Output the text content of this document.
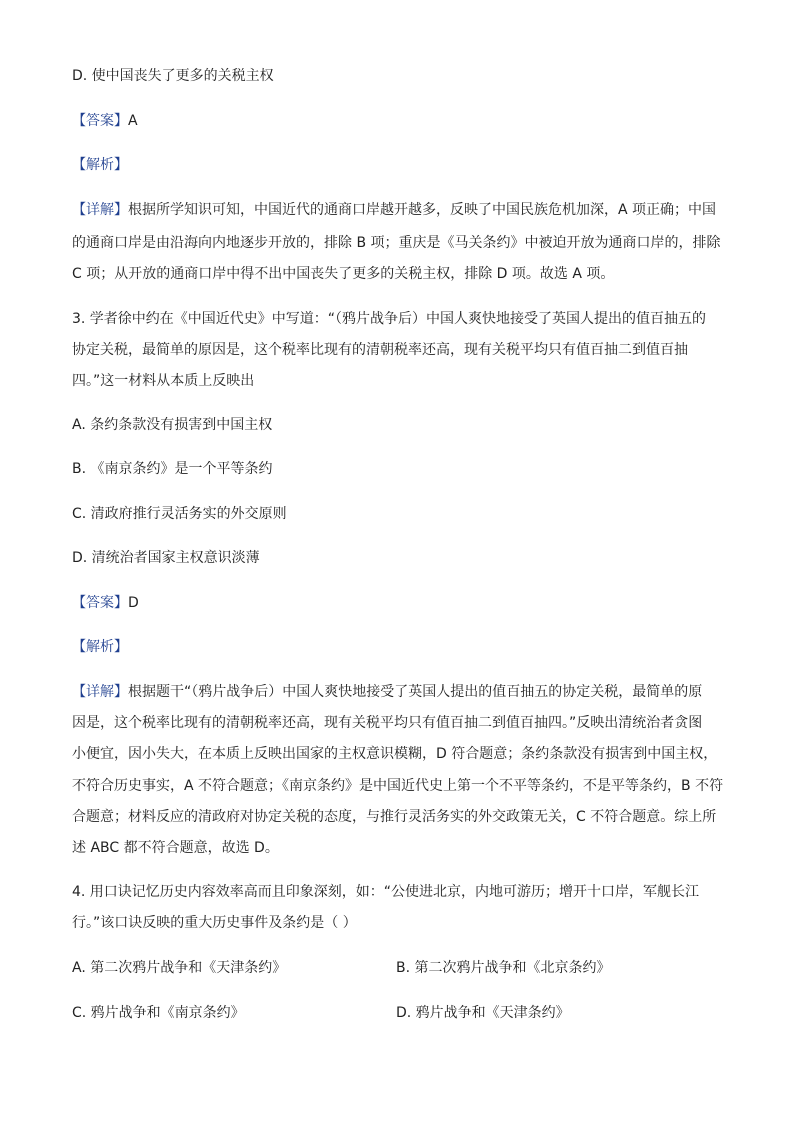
D. 使中国丧失了更多的关税主权
【答案】A
【解析】
【详解】根据所学知识可知，中国近代的通商口岸越开越多，反映了中国民族危机加深，A 项正确；中国
的通商口岸是由沿海向内地逐步开放的，排除 B 项；重庆是《马关条约》中被迫开放为通商口岸的，排除
C 项；从开放的通商口岸中得不出中国丧失了更多的关税主权，排除 D 项。故选 A 项。
3. 学者徐中约在《中国近代史》中写道：“（鸦片战争后）中国人爽快地接受了英国人提出的值百抽五的
协定关税，最简单的原因是，这个税率比现有的清朝税率还高，现有关税平均只有值百抽二到值百抽
四。”这一材料从本质上反映出
A. 条约条款没有损害到中国主权
B. 《南京条约》是一个平等条约
C. 清政府推行灵活务实的外交原则
D. 清统治者国家主权意识淡薄
【答案】D
【解析】
【详解】根据题干“（鸦片战争后）中国人爽快地接受了英国人提出的值百抽五的协定关税，最简单的原
因是，这个税率比现有的清朝税率还高，现有关税平均只有值百抽二到值百抽四。”反映出清统治者贪图
小便宜，因小失大，在本质上反映出国家的主权意识模糊，D 符合题意；条约条款没有损害到中国主权，
不符合历史事实，A 不符合题意；《南京条约》是中国近代史上第一个不平等条约，不是平等条约，B 不符
合题意；材料反应的清政府对协定关税的态度，与推行灵活务实的外交政策无关，C 不符合题意。综上所
述 ABC 都不符合题意，故选 D。
4. 用口诀记忆历史内容效率高而且印象深刻，如：“公使进北京，内地可游历；增开十口岸，军舰长江
行。”该口诀反映的重大历史事件及条约是（ ）
A. 第二次鸦片战争和《天津条约》	B. 第二次鸦片战争和《北京条约》
C. 鸦片战争和《南京条约》	D. 鸦片战争和《天津条约》
